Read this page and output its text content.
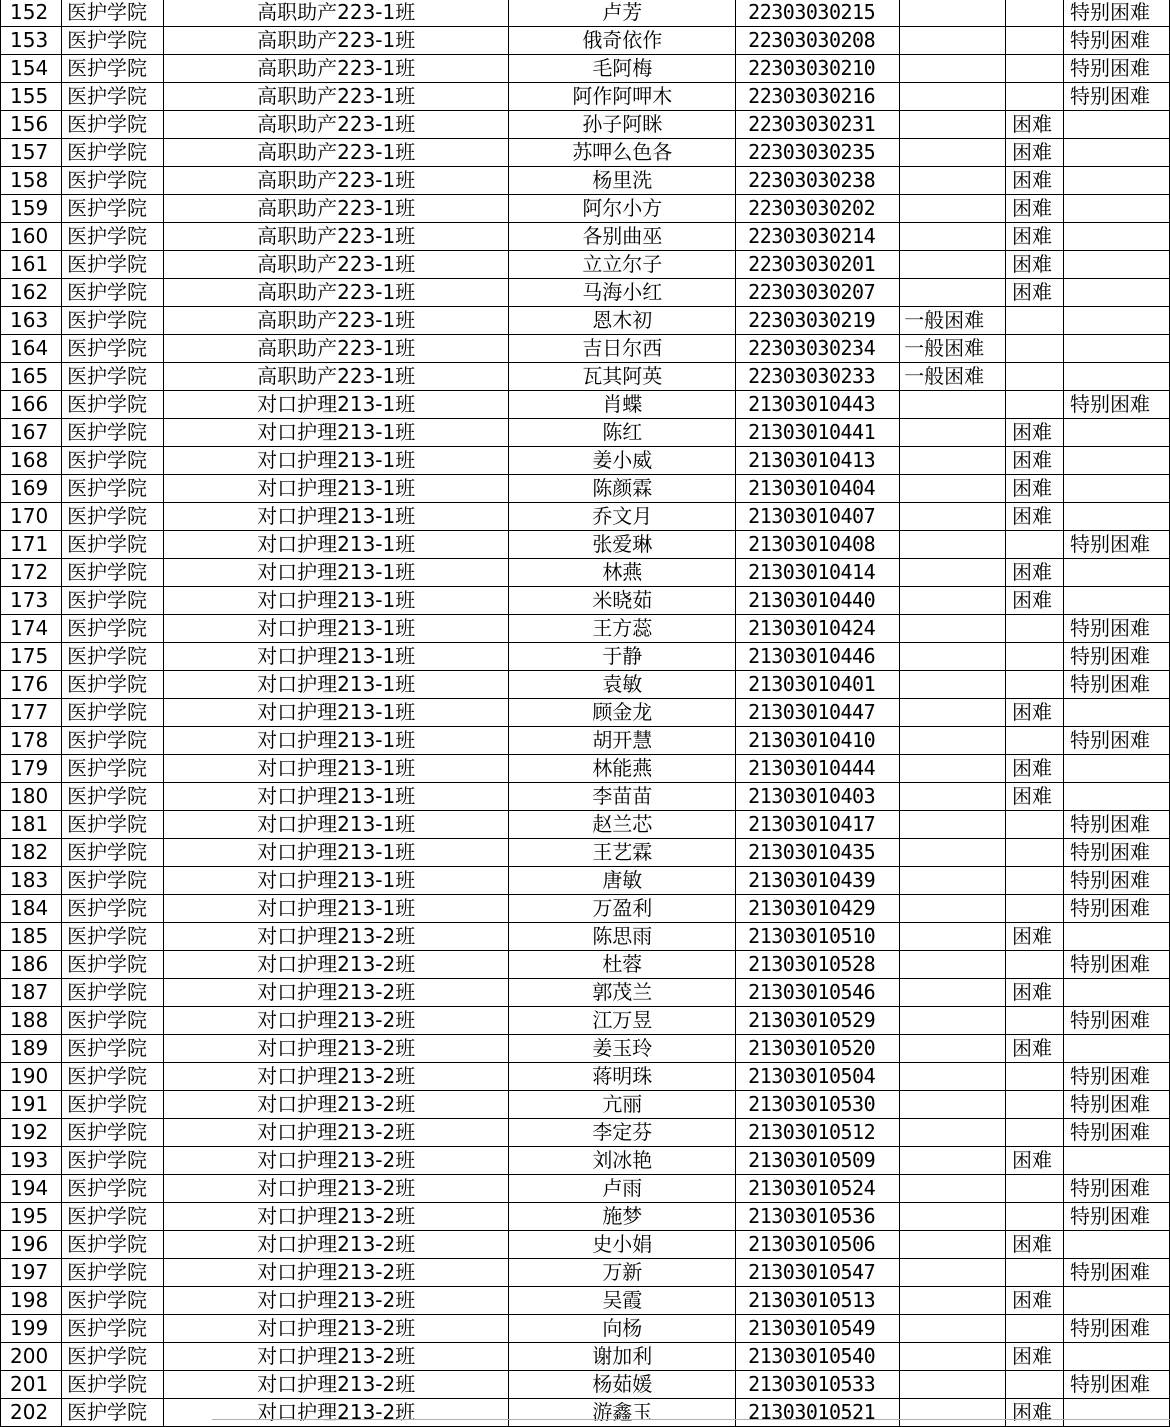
152	医护学院	高职助产223-1班	卢芳	22303030215			特别困难
153	医护学院	高职助产223-1班	俄奇依作	22303030208			特别困难
154	医护学院	高职助产223-1班	毛阿梅	22303030210			特别困难
155	医护学院	高职助产223-1班	阿作阿呷木	22303030216			特别困难
156	医护学院	高职助产223-1班	孙子阿眯	22303030231		困难	
157	医护学院	高职助产223-1班	苏呷么色各	22303030235		困难	
158	医护学院	高职助产223-1班	杨里洗	22303030238		困难	
159	医护学院	高职助产223-1班	阿尔小方	22303030202		困难	
160	医护学院	高职助产223-1班	各别曲巫	22303030214		困难	
161	医护学院	高职助产223-1班	立立尔子	22303030201		困难	
162	医护学院	高职助产223-1班	马海小红	22303030207		困难	
163	医护学院	高职助产223-1班	恩木初	22303030219	一般困难		
164	医护学院	高职助产223-1班	吉日尔西	22303030234	一般困难		
165	医护学院	高职助产223-1班	瓦其阿英	22303030233	一般困难		
166	医护学院	对口护理213-1班	肖蝶	21303010443			特别困难
167	医护学院	对口护理213-1班	陈红	21303010441		困难	
168	医护学院	对口护理213-1班	姜小威	21303010413		困难	
169	医护学院	对口护理213-1班	陈颜霖	21303010404		困难	
170	医护学院	对口护理213-1班	乔文月	21303010407		困难	
171	医护学院	对口护理213-1班	张爱琳	21303010408			特别困难
172	医护学院	对口护理213-1班	林燕	21303010414		困难	
173	医护学院	对口护理213-1班	米晓茹	21303010440		困难	
174	医护学院	对口护理213-1班	王方蕊	21303010424			特别困难
175	医护学院	对口护理213-1班	于静	21303010446			特别困难
176	医护学院	对口护理213-1班	袁敏	21303010401			特别困难
177	医护学院	对口护理213-1班	顾金龙	21303010447		困难	
178	医护学院	对口护理213-1班	胡开慧	21303010410			特别困难
179	医护学院	对口护理213-1班	林能燕	21303010444		困难	
180	医护学院	对口护理213-1班	李苗苗	21303010403		困难	
181	医护学院	对口护理213-1班	赵兰芯	21303010417			特别困难
182	医护学院	对口护理213-1班	王艺霖	21303010435			特别困难
183	医护学院	对口护理213-1班	唐敏	21303010439			特别困难
184	医护学院	对口护理213-1班	万盈利	21303010429			特别困难
185	医护学院	对口护理213-2班	陈思雨	21303010510		困难	
186	医护学院	对口护理213-2班	杜蓉	21303010528			特别困难
187	医护学院	对口护理213-2班	郭茂兰	21303010546		困难	
188	医护学院	对口护理213-2班	江万昱	21303010529			特别困难
189	医护学院	对口护理213-2班	姜玉玲	21303010520		困难	
190	医护学院	对口护理213-2班	蒋明珠	21303010504			特别困难
191	医护学院	对口护理213-2班	亢丽	21303010530			特别困难
192	医护学院	对口护理213-2班	李定芬	21303010512			特别困难
193	医护学院	对口护理213-2班	刘冰艳	21303010509		困难	
194	医护学院	对口护理213-2班	卢雨	21303010524			特别困难
195	医护学院	对口护理213-2班	施梦	21303010536			特别困难
196	医护学院	对口护理213-2班	史小娟	21303010506		困难	
197	医护学院	对口护理213-2班	万新	21303010547			特别困难
198	医护学院	对口护理213-2班	吴霞	21303010513		困难	
199	医护学院	对口护理213-2班	向杨	21303010549			特别困难
200	医护学院	对口护理213-2班	谢加利	21303010540		困难	
201	医护学院	对口护理213-2班	杨茹媛	21303010533			特别困难
202	医护学院	对口护理213-2班	游鑫玉	21303010521		困难	
